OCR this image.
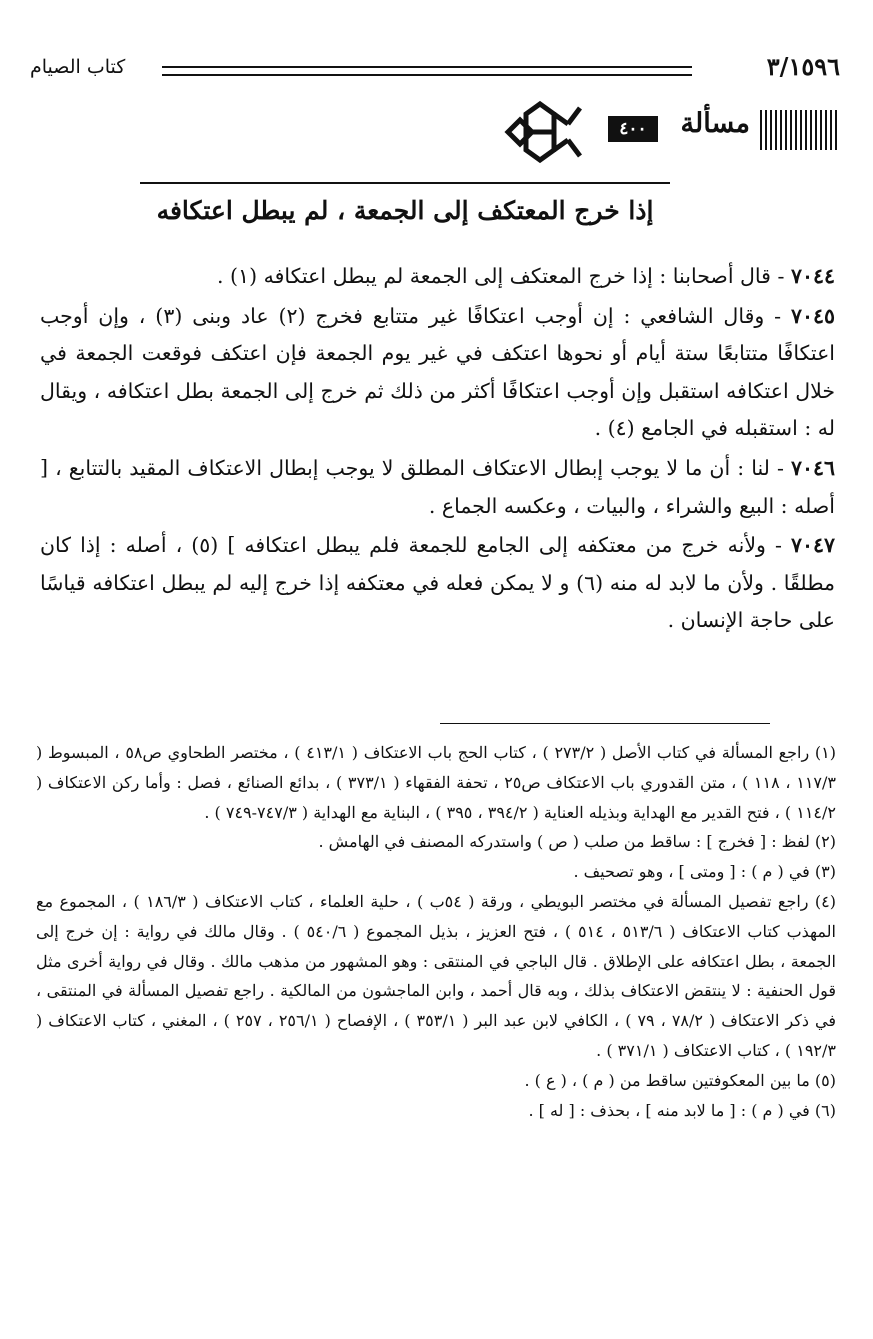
٣/١٥٩٦
كتاب الصيام
مسألة
٤٠٠
إذا خرج المعتكف إلى الجمعة ، لم يبطل اعتكافه

٧٠٤٤ - قال أصحابنا : إذا خرج المعتكف إلى الجمعة لم يبطل اعتكافه (١) .

٧٠٤٥ - وقال الشافعي : إن أوجب اعتكافًا غير متتابع فخرج (٢) عاد وبنى (٣) ، وإن أوجب اعتكافًا متتابعًا ستة أيام أو نحوها اعتكف في غير يوم الجمعة فإن اعتكف فوقعت الجمعة في خلال اعتكافه استقبل وإن أوجب اعتكافًا أكثر من ذلك ثم خرج إلى الجمعة بطل اعتكافه ، ويقال له : استقبله في الجامع (٤) .

٧٠٤٦ - لنا : أن ما لا يوجب إبطال الاعتكاف المطلق لا يوجب إبطال الاعتكاف المقيد بالتتابع ، [ أصله : البيع والشراء ، والبيات ، وعكسه الجماع .

٧٠٤٧ - ولأنه خرج من معتكفه إلى الجامع للجمعة فلم يبطل اعتكافه ] (٥) ، أصله : إذا كان مطلقًا . ولأن ما لابد له منه (٦) و لا يمكن فعله في معتكفه إذا خرج إليه لم يبطل اعتكافه قياسًا على حاجة الإنسان .

(١) راجع المسألة في كتاب الأصل ( ٢٧٣/٢ ) ، كتاب الحج باب الاعتكاف ( ٤١٣/١ ) ، مختصر الطحاوي ص٥٨ ، المبسوط ( ١١٧/٣ ، ١١٨ ) ، متن القدوري باب الاعتكاف ص٢٥ ، تحفة الفقهاء ( ٣٧٣/١ ) ، بدائع الصنائع ، فصل : وأما ركن الاعتكاف ( ١١٤/٢ ) ، فتح القدير مع الهداية وبذيله العناية ( ٣٩٤/٢ ، ٣٩٥ ) ، البناية مع الهداية ( ٧٤٧/٣-٧٤٩ ) .

(٢) لفظ : [ فخرج ] : ساقط من صلب ( ص ) واستدركه المصنف في الهامش .

(٣) في ( م ) : [ ومتى ] ، وهو تصحيف .

(٤) راجع تفصيل المسألة في مختصر البويطي ، ورقة ( ٥٤ب ) ، حلية العلماء ، كتاب الاعتكاف ( ١٨٦/٣ ) ، المجموع مع المهذب كتاب الاعتكاف ( ٥١٣/٦ ، ٥١٤ ) ، فتح العزيز ، بذيل المجموع ( ٥٤٠/٦ ) . وقال مالك في رواية : إن خرج إلى الجمعة ، بطل اعتكافه على الإطلاق . قال الباجي في المنتقى : وهو المشهور من مذهب مالك . وقال في رواية أخرى مثل قول الحنفية : لا ينتقض الاعتكاف بذلك ، وبه قال أحمد ، وابن الماجشون من المالكية . راجع تفصيل المسألة في المنتقى ، في ذكر الاعتكاف ( ٧٨/٢ ، ٧٩ ) ، الكافي لابن عبد البر ( ٣٥٣/١ ) ، الإفصاح ( ٢٥٦/١ ، ٢٥٧ ) ، المغني ، كتاب الاعتكاف ( ١٩٢/٣ ) ، كتاب الاعتكاف ( ٣٧١/١ ) .

(٥) ما بين المعكوفتين ساقط من ( م ) ، ( ع ) .

(٦) في ( م ) : [ ما لابد منه ] ، بحذف : [ له ] .
